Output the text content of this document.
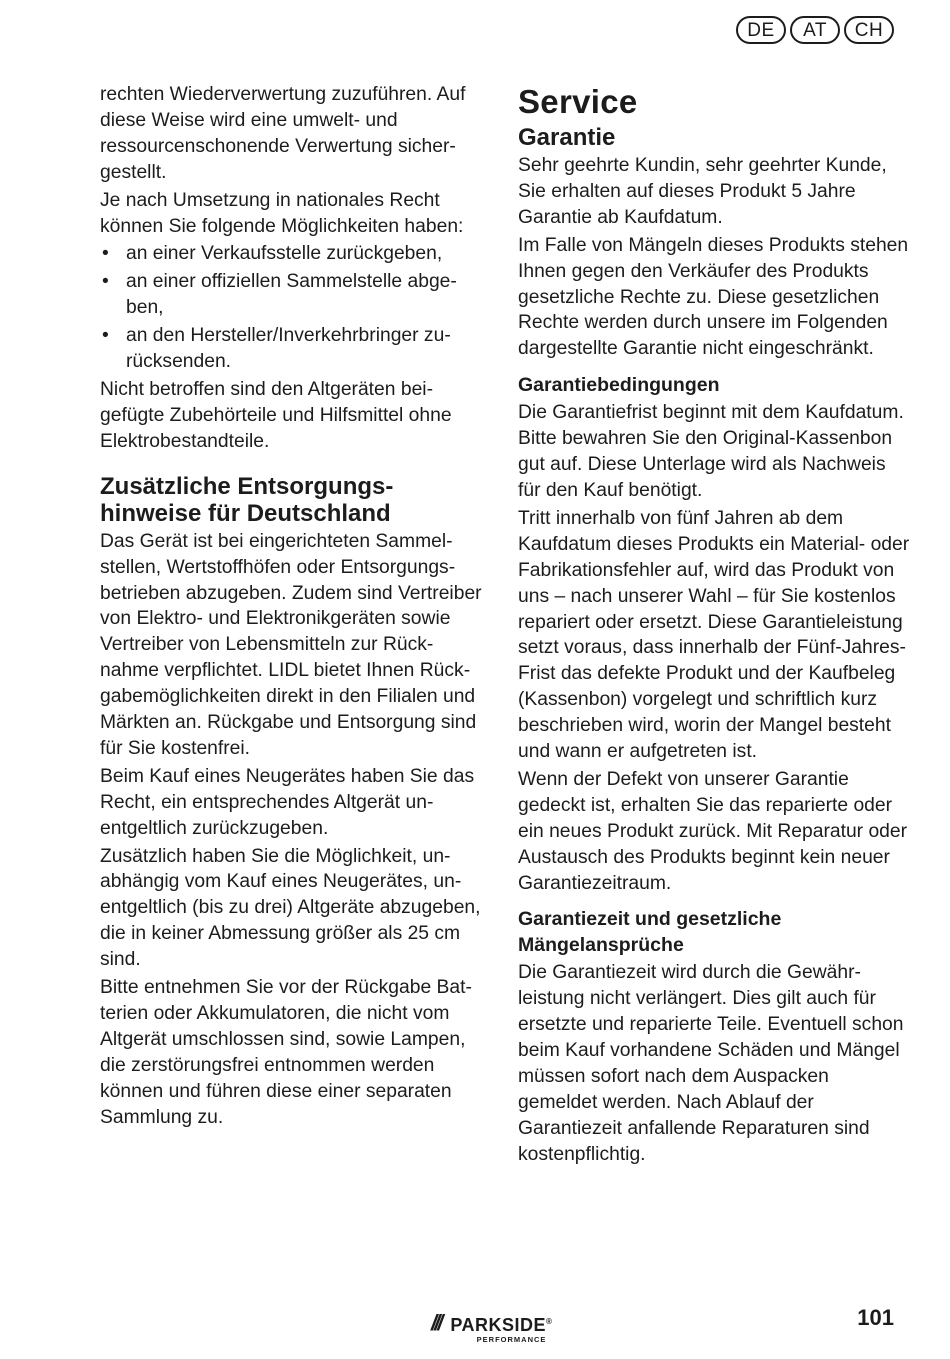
DE	AT	CH

rechten Wiederverwertung zuzuführen. Auf diese Weise wird eine umwelt- und ressourcenschonende Verwertung sichergestellt.

Je nach Umsetzung in nationales Recht können Sie folgende Möglichkeiten haben:

• an einer Verkaufsstelle zurückgeben,
• an einer offiziellen Sammelstelle abgeben,
• an den Hersteller/Inverkehrbringer zurücksenden.

Nicht betroffen sind den Altgeräten beigefügte Zubehörteile und Hilfsmittel ohne Elektrobestandteile.

Zusätzliche Entsorgungshinweise für Deutschland

Das Gerät ist bei eingerichteten Sammelstellen, Wertstoffhöfen oder Entsorgungsbetrieben abzugeben. Zudem sind Vertreiber von Elektro- und Elektronikgeräten sowie Vertreiber von Lebensmitteln zur Rücknahme verpflichtet. LIDL bietet Ihnen Rückgabemöglichkeiten direkt in den Filialen und Märkten an. Rückgabe und Entsorgung sind für Sie kostenfrei.

Beim Kauf eines Neugerätes haben Sie das Recht, ein entsprechendes Altgerät unentgeltlich zurückzugeben.

Zusätzlich haben Sie die Möglichkeit, unabhängig vom Kauf eines Neugerätes, unentgeltlich (bis zu drei) Altgeräte abzugeben, die in keiner Abmessung größer als 25 cm sind.

Bitte entnehmen Sie vor der Rückgabe Batterien oder Akkumulatoren, die nicht vom Altgerät umschlossen sind, sowie Lampen, die zerstörungsfrei entnommen werden können und führen diese einer separaten Sammlung zu.

Service

Garantie

Sehr geehrte Kundin, sehr geehrter Kunde, Sie erhalten auf dieses Produkt 5 Jahre Garantie ab Kaufdatum.

Im Falle von Mängeln dieses Produkts stehen Ihnen gegen den Verkäufer des Produkts gesetzliche Rechte zu. Diese gesetzlichen Rechte werden durch unsere im Folgenden dargestellte Garantie nicht eingeschränkt.

Garantiebedingungen

Die Garantiefrist beginnt mit dem Kaufdatum. Bitte bewahren Sie den Original-Kassenbon gut auf. Diese Unterlage wird als Nachweis für den Kauf benötigt.

Tritt innerhalb von fünf Jahren ab dem Kaufdatum dieses Produkts ein Material- oder Fabrikationsfehler auf, wird das Produkt von uns – nach unserer Wahl – für Sie kostenlos repariert oder ersetzt. Diese Garantieleistung setzt voraus, dass innerhalb der Fünf-Jahres-Frist das defekte Produkt und der Kaufbeleg (Kassenbon) vorgelegt und schriftlich kurz beschrieben wird, worin der Mangel besteht und wann er aufgetreten ist.

Wenn der Defekt von unserer Garantie gedeckt ist, erhalten Sie das reparierte oder ein neues Produkt zurück. Mit Reparatur oder Austausch des Produkts beginnt kein neuer Garantiezeitraum.

Garantiezeit und gesetzliche Mängelansprüche

Die Garantiezeit wird durch die Gewährleistung nicht verlängert. Dies gilt auch für ersetzte und reparierte Teile. Eventuell schon beim Kauf vorhandene Schäden und Mängel müssen sofort nach dem Auspacken gemeldet werden. Nach Ablauf der Garantiezeit anfallende Reparaturen sind kostenpflichtig.

/// PARKSIDE®
PERFORMANCE
101
